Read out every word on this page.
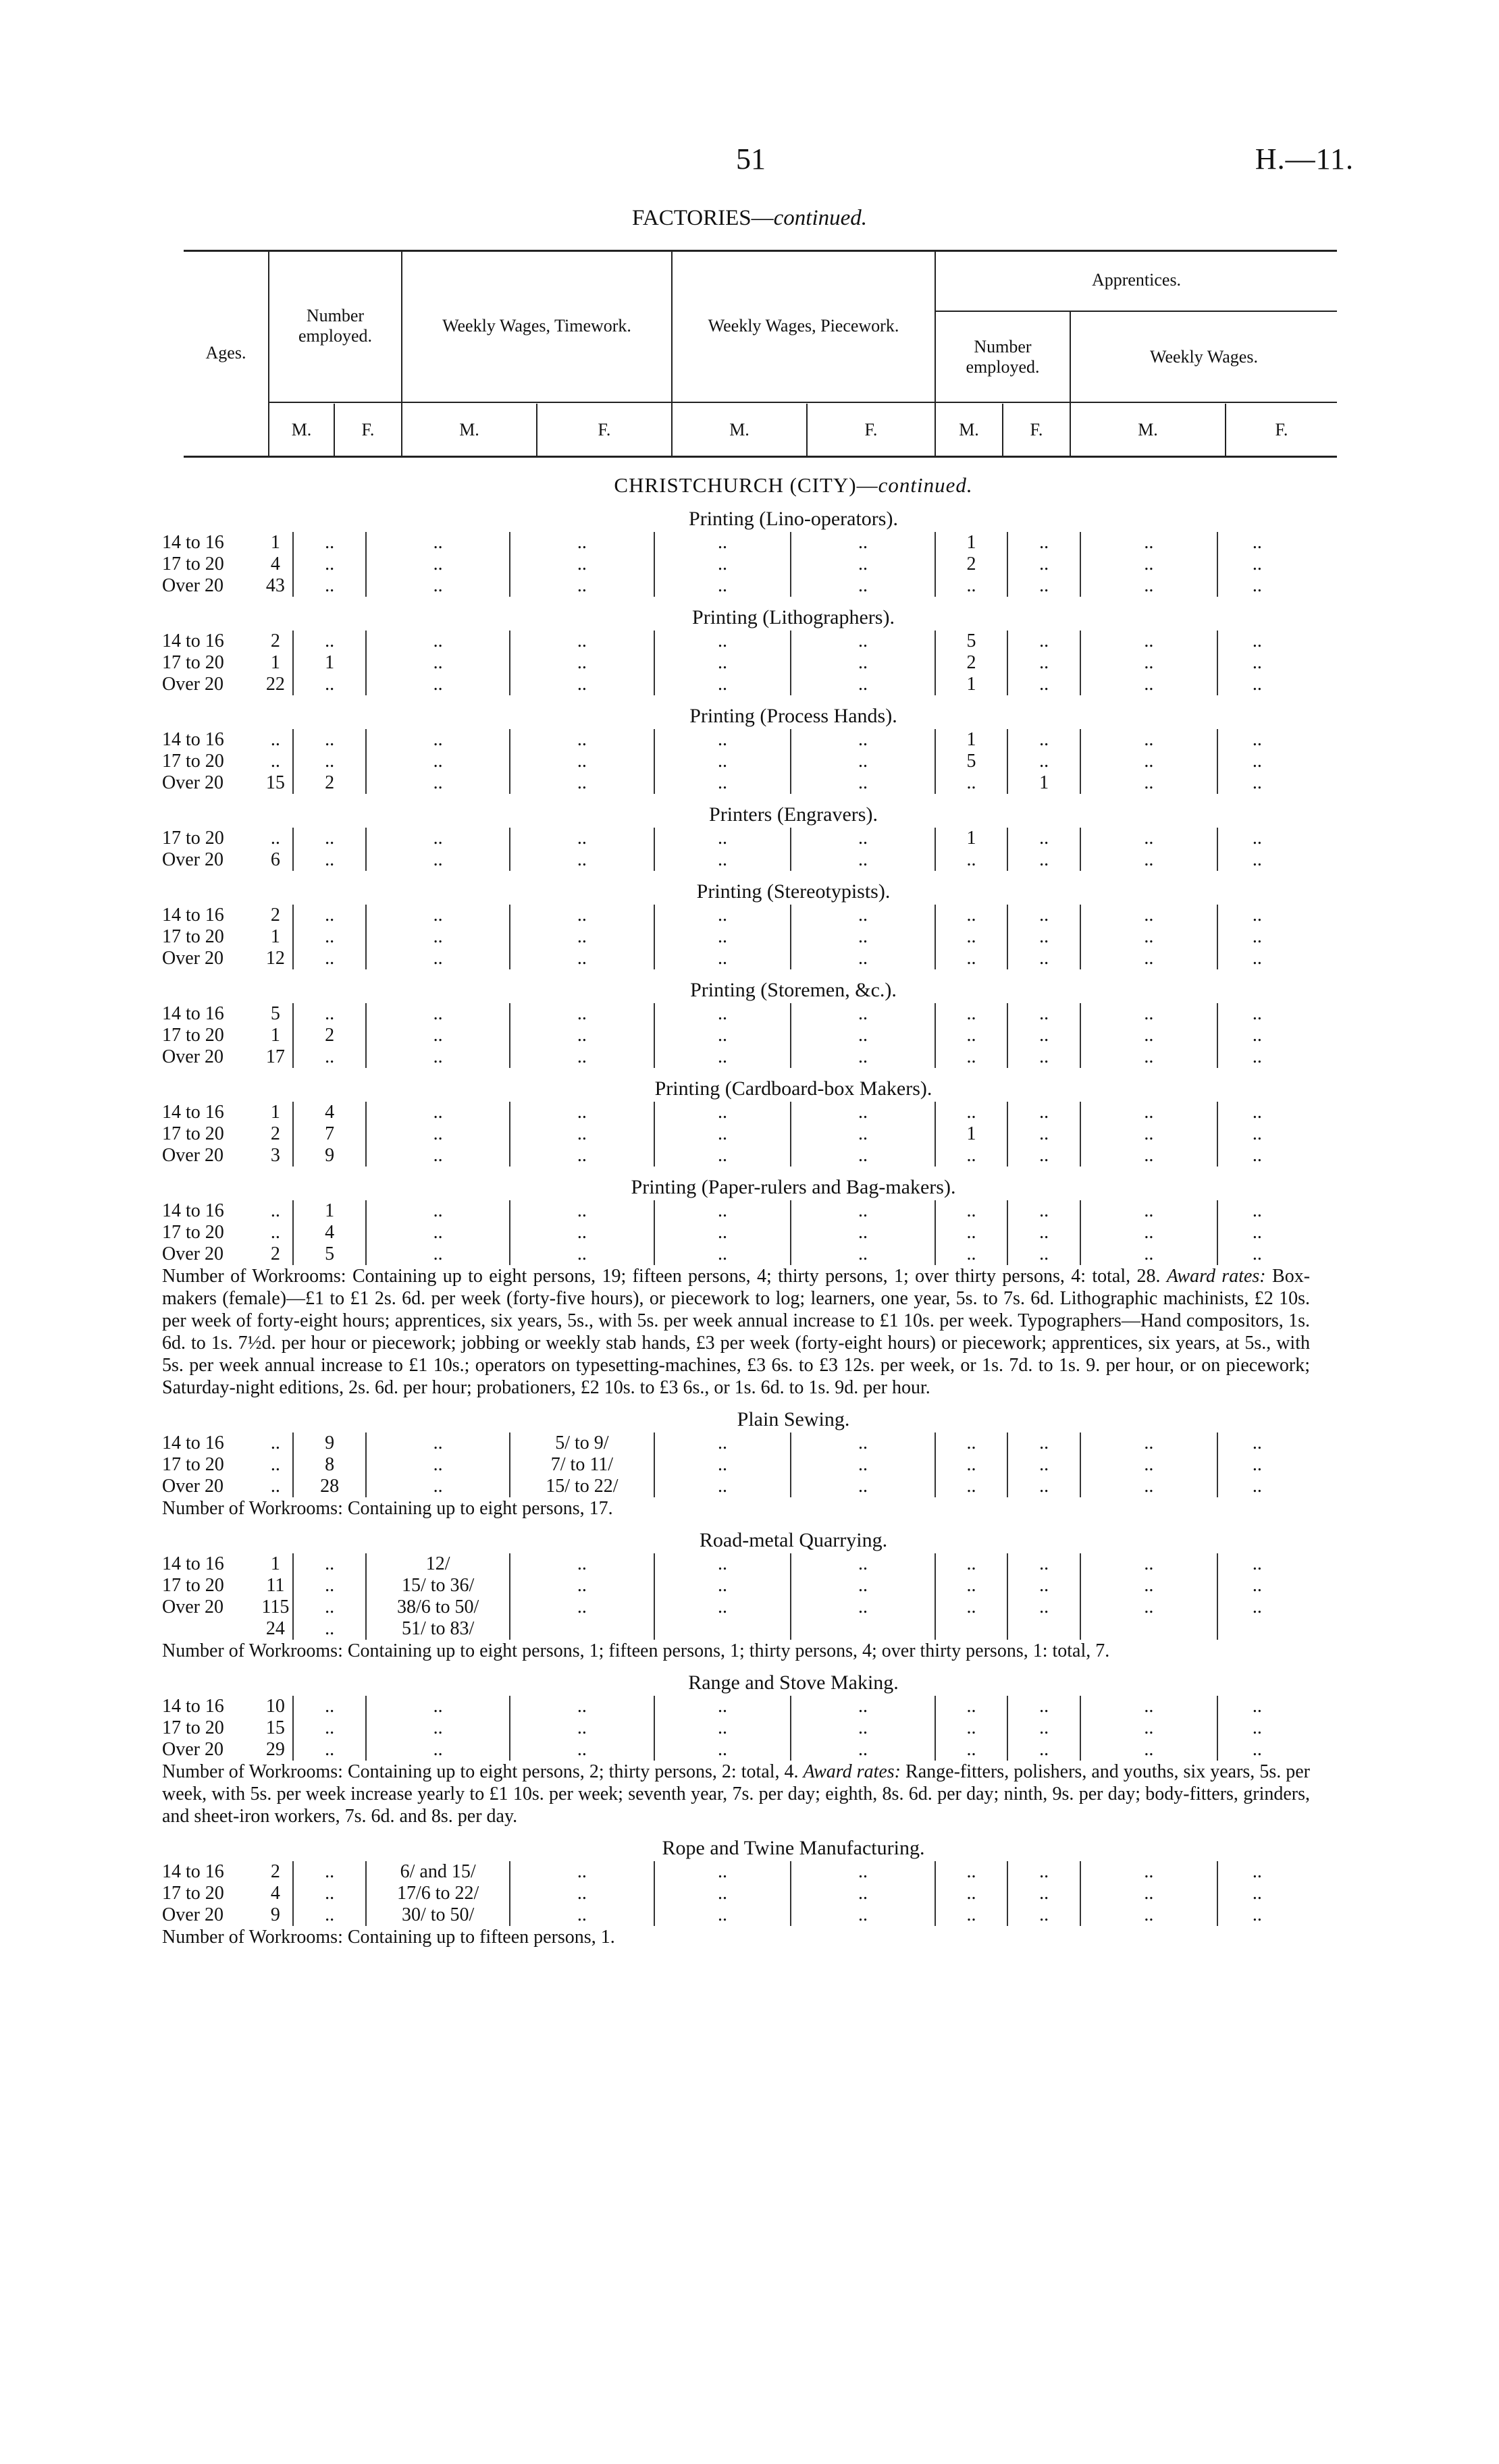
51	H.—11.
FACTORIES—continued.
Ages.
Number employed.
Weekly Wages, Timework.	Weekly Wages, Piecework.
Apprentices.
Number employed.
Weekly Wages.
M.	F.	M.	F.	M.	F.	M.	F.	M.	F.
CHRISTCHURCH (CITY)—continued.
Printing (Lino-operators).
14 to 16	1	..	..	..	..	..	1	..	..	..
17 to 20	4	..	..	..	..	..	2	..	..	..
Over 20	43	..	..	..	..	..	..	..	..	..
Printing (Lithographers).
14 to 16	2	..	..	..	..	..	5	..	..	..
17 to 20	1	1	..	..	..	..	2	..	..	..
Over 20	22	..	..	..	..	..	1	..	..	..
Printing (Process Hands).
14 to 16	..	..	..	..	..	..	1	..	..	..
17 to 20	..	..	..	..	..	..	5	..	..	..
Over 20	15	2	..	..	..	..	..	1	..	..
Printers (Engravers).
17 to 20	..	..	..	..	..	..	1	..	..	..
Over 20	6	..	..	..	..	..	..	..	..	..
Printing (Stereotypists).
14 to 16	2	..	..	..	..	..	..	..	..	..
17 to 20	1	..	..	..	..	..	..	..	..	..
Over 20	12	..	..	..	..	..	..	..	..	..
Printing (Storemen, &c.).
14 to 16	5	..	..	..	..	..	..	..	..	..
17 to 20	1	2	..	..	..	..	..	..	..	..
Over 20	17	..	..	..	..	..	..	..	..	..
Printing (Cardboard-box Makers).
14 to 16	1	4	..	..	..	..	..	..	..	..
17 to 20	2	7	..	..	..	..	1	..	..	..
Over 20	3	9	..	..	..	..	..	..	..	..
Printing (Paper-rulers and Bag-makers).
14 to 16	..	1	..	..	..	..	..	..	..	..
17 to 20	..	4	..	..	..	..	..	..	..	..
Over 20	2	5	..	..	..	..	..	..	..	..

Number of Workrooms: Containing up to eight persons, 19; fifteen persons, 4; thirty persons, 1; over thirty persons, 4: total, 28. Award rates: Box-makers (female)—£1 to £1 2s. 6d. per week (forty-five hours), or piecework to log; learners, one year, 5s. to 7s. 6d. Lithographic machinists, £2 10s. per week of forty-eight hours; apprentices, six years, 5s., with 5s. per week annual increase to £1 10s. per week. Typographers—Hand compositors, 1s. 6d. to 1s. 7½d. per hour or piecework; jobbing or weekly stab hands, £3 per week (forty-eight hours) or piecework; apprentices, six years, at 5s., with 5s. per week annual increase to £1 10s.; operators on typesetting-machines, £3 6s. to £3 12s. per week, or 1s. 7d. to 1s. 9. per hour, or on piecework; Saturday-night editions, 2s. 6d. per hour; probationers, £2 10s. to £3 6s., or 1s. 6d. to 1s. 9d. per hour.

Plain Sewing.
14 to 16	..	9	..	5/ to 9/	..	..	..	..	..	..
17 to 20	..	8	..	7/ to 11/	..	..	..	..	..	..
Over 20	..	28	..	15/ to 22/	..	..	..	..	..	..

Number of Workrooms: Containing up to eight persons, 17.

Road-metal Quarrying.
14 to 16	1	..	12/	..	..	..	..	..	..	..
17 to 20	11	..	15/ to 36/	..	..	..	..	..	..	..
Over 20	115	..	38/6 to 50/	..	..	..	..	..	..	..
	24	..	51/ to 83/							

Number of Workrooms: Containing up to eight persons, 1; fifteen persons, 1; thirty persons, 4; over thirty persons, 1: total, 7.

Range and Stove Making.
14 to 16	10	..	..	..	..	..	..	..	..	..
17 to 20	15	..	..	..	..	..	..	..	..	..
Over 20	29	..	..	..	..	..	..	..	..	..

Number of Workrooms: Containing up to eight persons, 2; thirty persons, 2: total, 4. Award rates: Range-fitters, polishers, and youths, six years, 5s. per week, with 5s. per week increase yearly to £1 10s. per week; seventh year, 7s. per day; eighth, 8s. 6d. per day; ninth, 9s. per day; body-fitters, grinders, and sheet-iron workers, 7s. 6d. and 8s. per day.

Rope and Twine Manufacturing.
14 to 16	2	..	6/ and 15/	..	..	..	..	..	..	..
17 to 20	4	..	17/6 to 22/	..	..	..	..	..	..	..
Over 20	9	..	30/ to 50/	..	..	..	..	..	..	..

Number of Workrooms: Containing up to fifteen persons, 1.
